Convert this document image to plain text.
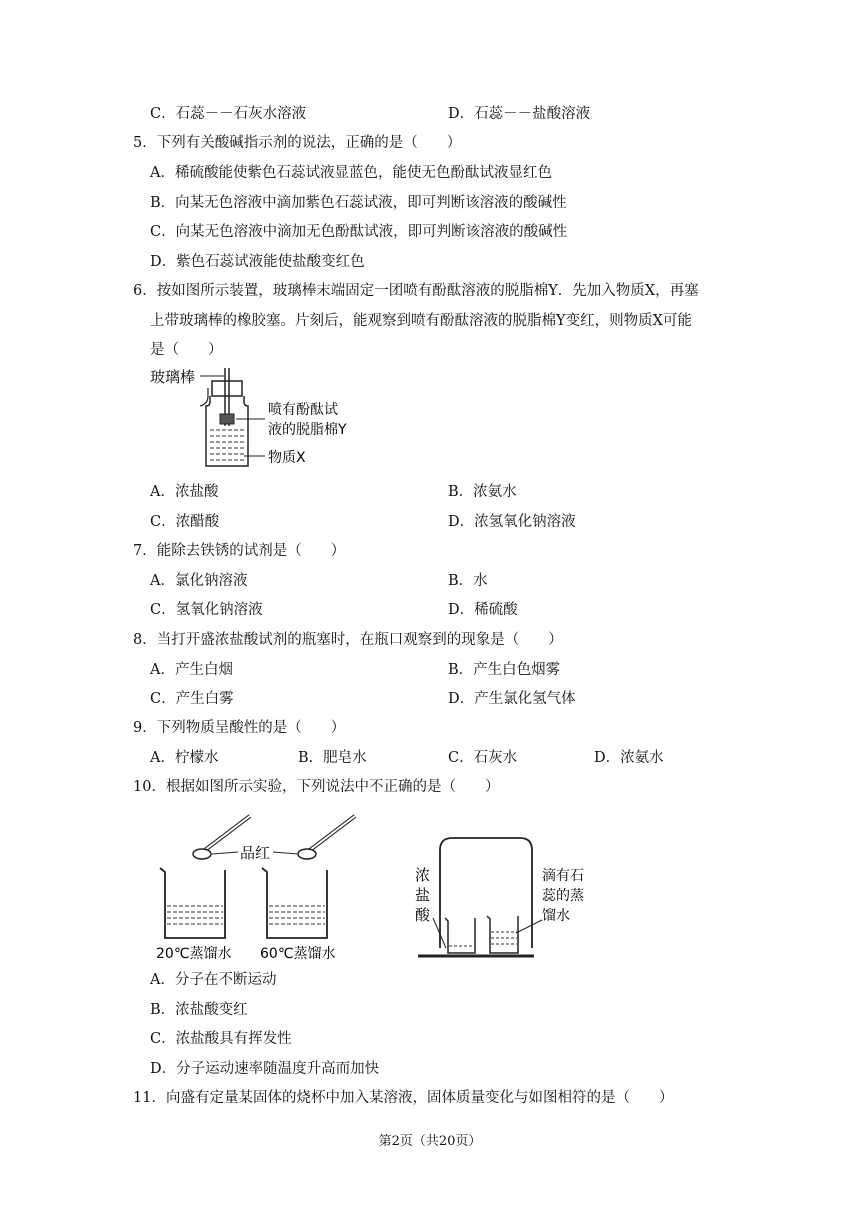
C．石蕊－－石灰水溶液	D．石蕊－－盐酸溶液
5．下列有关酸碱指示剂的说法，正确的是（　　）
A．稀硫酸能使紫色石蕊试液显蓝色，能使无色酚酞试液显红色
B．向某无色溶液中滴加紫色石蕊试液，即可判断该溶液的酸碱性
C．向某无色溶液中滴加无色酚酞试液，即可判断该溶液的酸碱性
D．紫色石蕊试液能使盐酸变红色
6．按如图所示装置，玻璃棒末端固定一团喷有酚酞溶液的脱脂棉Y．先加入物质X，再塞
上带玻璃棒的橡胶塞。片刻后，能观察到喷有酚酞溶液的脱脂棉Y变红，则物质X可能
是（　　）
玻璃棒
喷有酚酞试
液的脱脂棉Y
物质X
A．浓盐酸	B．浓氨水
C．浓醋酸	D．浓氢氧化钠溶液
7．能除去铁锈的试剂是（　　）
A．氯化钠溶液	B．水
C．氢氧化钠溶液	D．稀硫酸
8．当打开盛浓盐酸试剂的瓶塞时，在瓶口观察到的现象是（　　）
A．产生白烟	B．产生白色烟雾
C．产生白雾	D．产生氯化氢气体
9．下列物质呈酸性的是（　　）
A．柠檬水	B．肥皂水	C．石灰水	D．浓氨水
10．根据如图所示实验，下列说法中不正确的是（　　）
品红
20℃蒸馏水 60℃蒸馏水
浓
盐
酸
滴有石
蕊的蒸
馏水
A．分子在不断运动
B．浓盐酸变红
C．浓盐酸具有挥发性
D．分子运动速率随温度升高而加快
11．向盛有定量某固体的烧杯中加入某溶液，固体质量变化与如图相符的是（　　）
第2页（共20页）
